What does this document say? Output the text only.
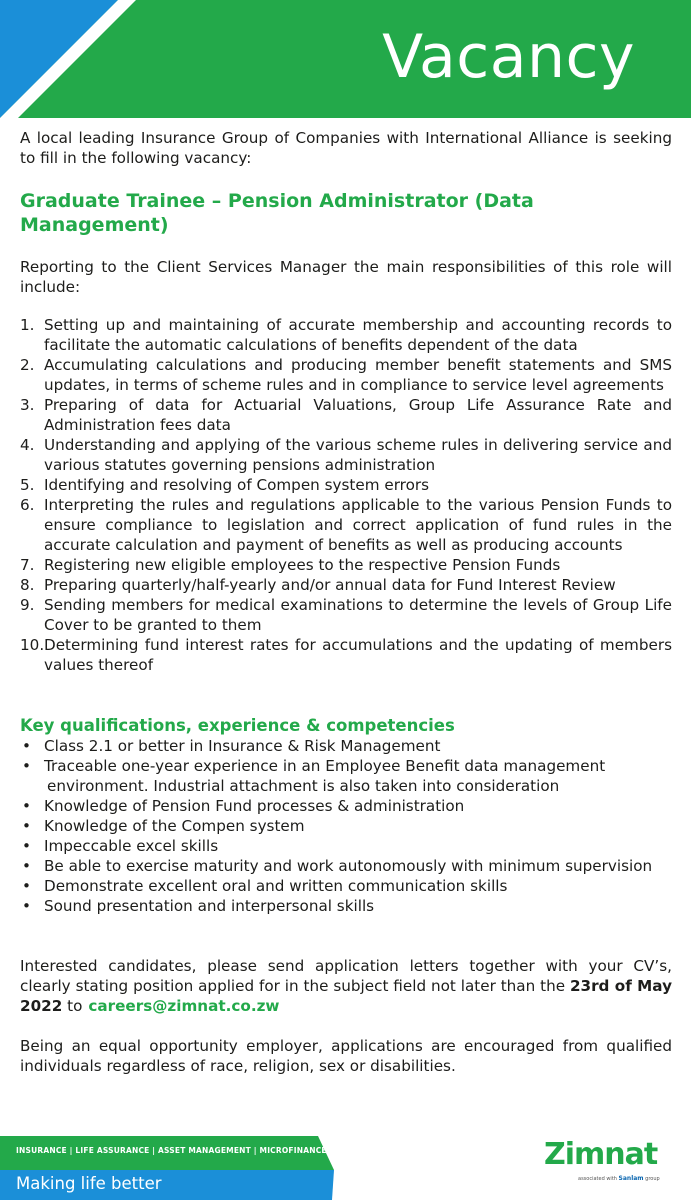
Vacancy

A local leading Insurance Group of Companies with International Alliance is seeking to fill in the following vacancy:

Graduate Trainee – Pension Administrator (Data Management)

Reporting to the Client Services Manager the main responsibilities of this role will include:

1. Setting up and maintaining of accurate membership and accounting records to facilitate the automatic calculations of benefits dependent of the data
2. Accumulating calculations and producing member benefit statements and SMS updates, in terms of scheme rules and in compliance to service level agreements
3. Preparing of data for Actuarial Valuations, Group Life Assurance Rate and Administration fees data
4. Understanding and applying of the various scheme rules in delivering service and various statutes governing pensions administration
5. Identifying and resolving of Compen system errors
6. Interpreting the rules and regulations applicable to the various Pension Funds to ensure compliance to legislation and correct application of fund rules in the accurate calculation and payment of benefits as well as producing accounts
7. Registering new eligible employees to the respective Pension Funds
8. Preparing quarterly/half-yearly and/or annual data for Fund Interest Review
9. Sending members for medical examinations to determine the levels of Group Life Cover to be granted to them
10. Determining fund interest rates for accumulations and the updating of members values thereof
Key qualifications, experience & competencies
• Class 2.1 or better in Insurance & Risk Management
• Traceable one-year experience in an Employee Benefit data management
environment. Industrial attachment is also taken into consideration
• Knowledge of Pension Fund processes & administration
• Knowledge of the Compen system
• Impeccable excel skills
• Be able to exercise maturity and work autonomously with minimum supervision
• Demonstrate excellent oral and written communication skills
• Sound presentation and interpersonal skills

Interested candidates, please send application letters together with your CV’s, clearly stating position applied for in the subject field not later than the 23rd of May 2022 to careers@zimnat.co.zw

Being an equal opportunity employer, applications are encouraged from qualified individuals regardless of race, religion, sex or disabilities.

INSURANCE | LIFE ASSURANCE | ASSET MANAGEMENT | MICROFINANCE
Making life better
Zimnat
associated with Sanlam group
